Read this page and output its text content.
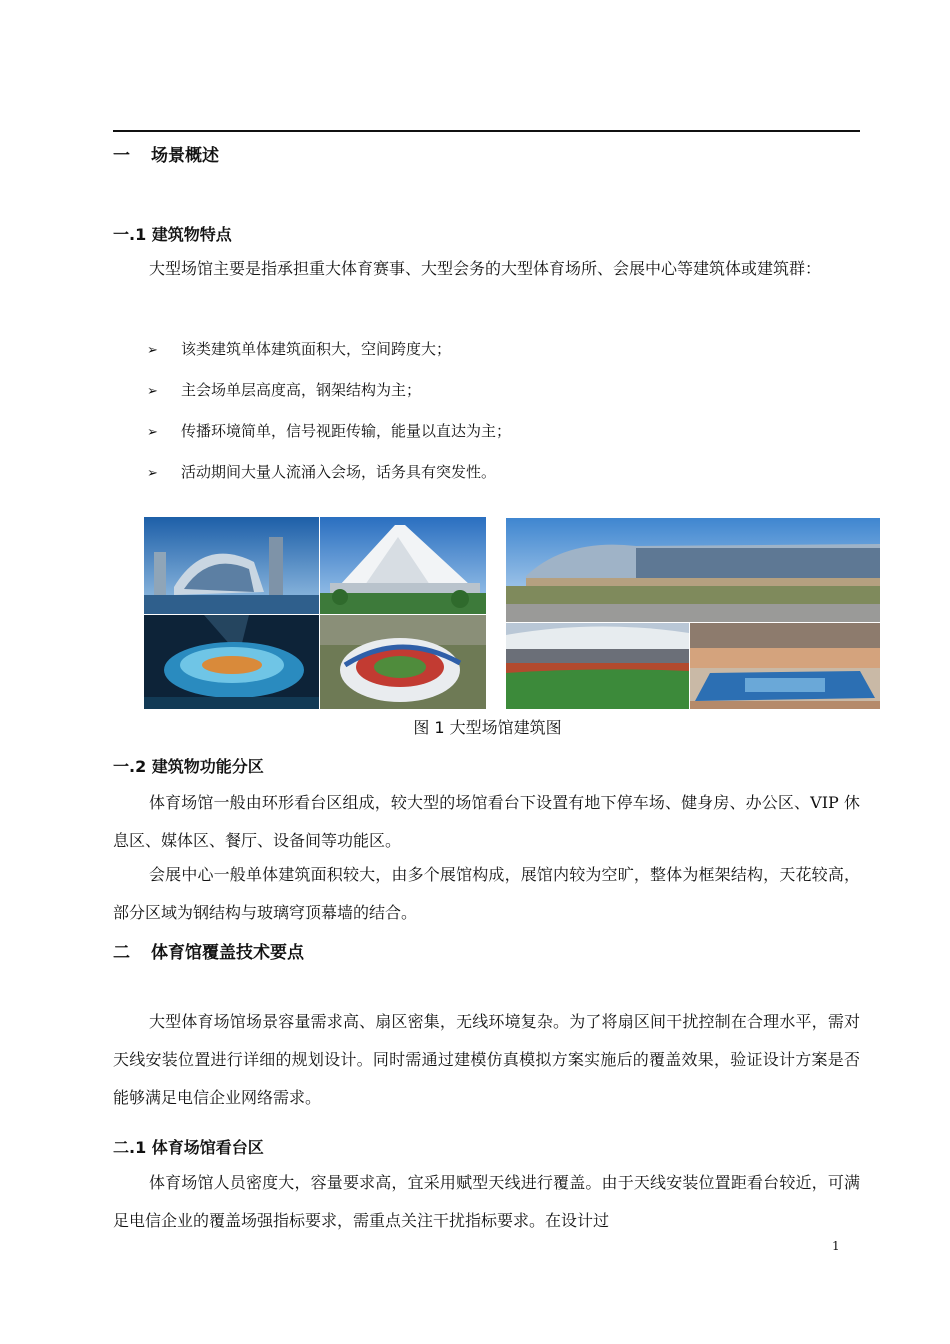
一 场景概述
一.1 建筑物特点

大型场馆主要是指承担重大体育赛事、大型会务的大型体育场所、会展中心等建筑体或建筑群：

➢ 该类建筑单体建筑面积大，空间跨度大；
➢ 主会场单层高度高，钢架结构为主；
➢ 传播环境简单，信号视距传输，能量以直达为主；
➢ 活动期间大量人流涌入会场，话务具有突发性。
图 1 大型场馆建筑图
一.2 建筑物功能分区

体育场馆一般由环形看台区组成，较大型的场馆看台下设置有地下停车场、健身房、办公区、VIP 休息区、媒体区、餐厅、设备间等功能区。

会展中心一般单体建筑面积较大，由多个展馆构成，展馆内较为空旷，整体为框架结构，天花较高，部分区域为钢结构与玻璃穹顶幕墙的结合。

二 体育馆覆盖技术要点

大型体育场馆场景容量需求高、扇区密集，无线环境复杂。为了将扇区间干扰控制在合理水平，需对天线安装位置进行详细的规划设计。同时需通过建模仿真模拟方案实施后的覆盖效果，验证设计方案是否能够满足电信企业网络需求。

二.1 体育场馆看台区

体育场馆人员密度大，容量要求高，宜采用赋型天线进行覆盖。由于天线安装位置距看台较近，可满足电信企业的覆盖场强指标要求，需重点关注干扰指标要求。在设计过

1
